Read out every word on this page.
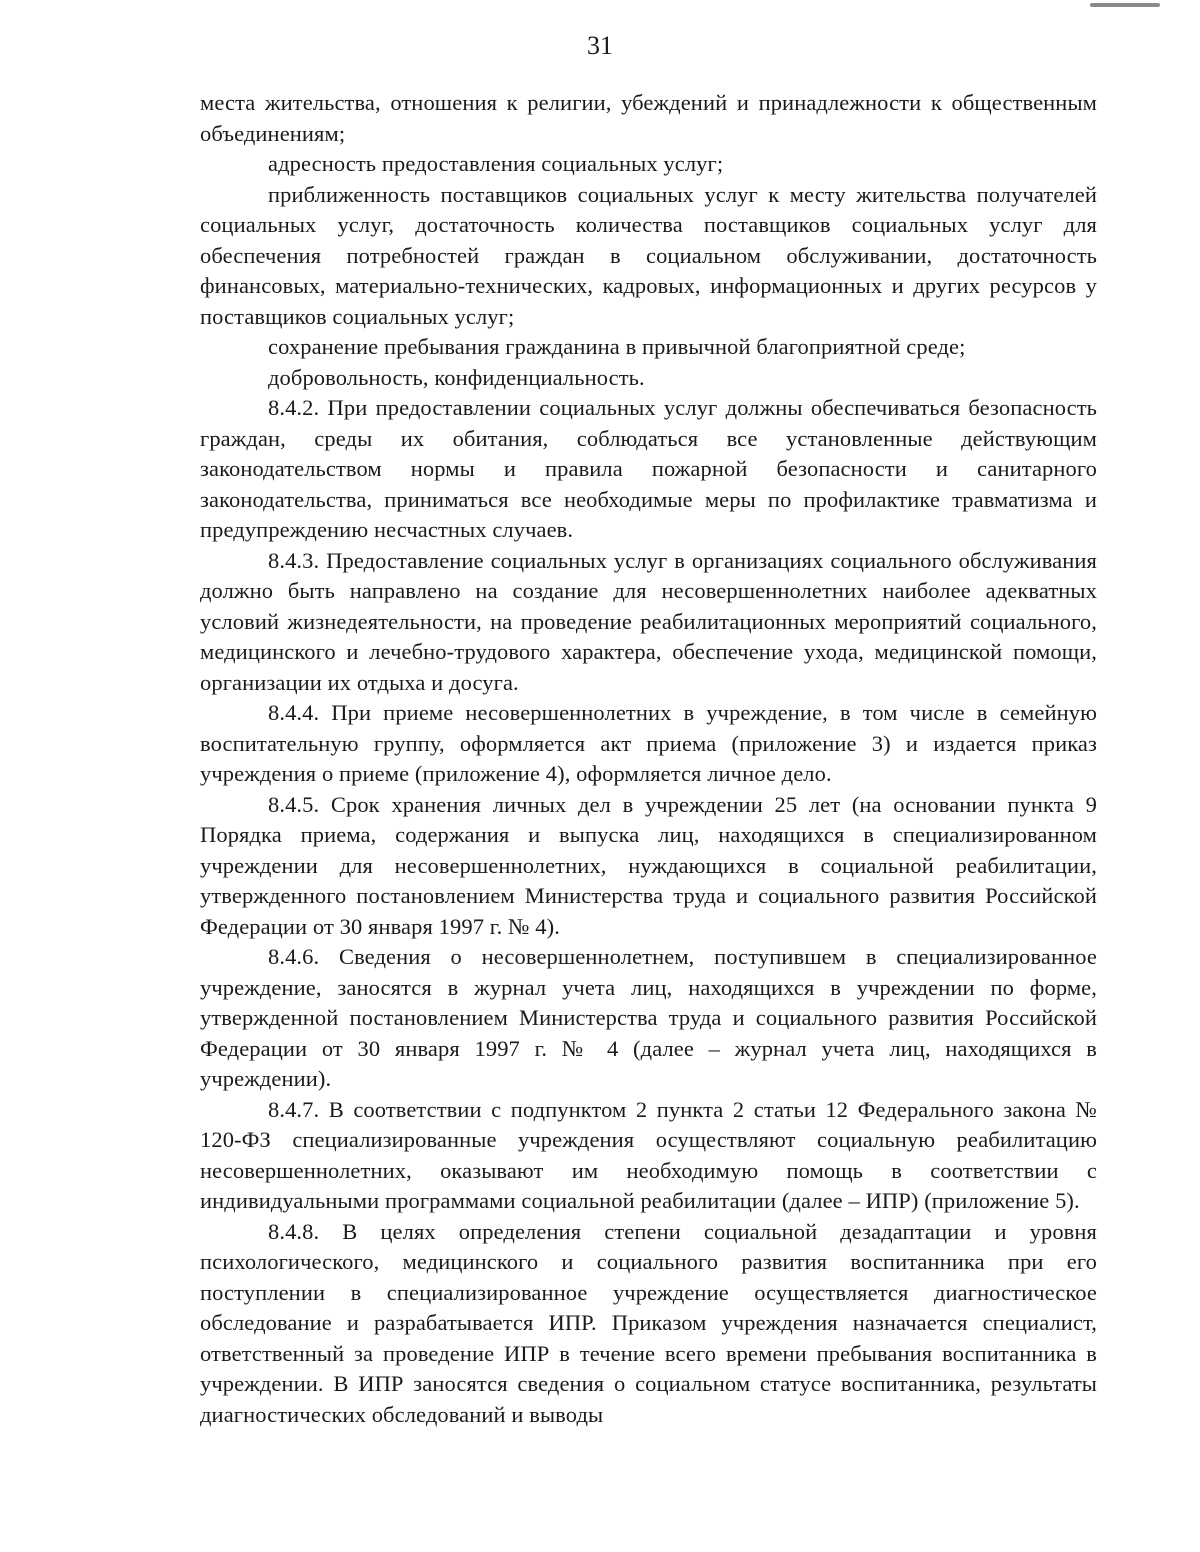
31

места жительства, отношения к религии, убеждений и принадлежности к общественным объединениям;

адресность предоставления социальных услуг;

приближенность поставщиков социальных услуг к месту жительства получателей социальных услуг, достаточность количества поставщиков социальных услуг для обеспечения потребностей граждан в социальном обслуживании, достаточность финансовых, материально-технических, кадровых, информационных и других ресурсов у поставщиков социальных услуг;

сохранение пребывания гражданина в привычной благоприятной среде;

добровольность, конфиденциальность.

8.4.2. При предоставлении социальных услуг должны обеспечиваться безопасность граждан, среды их обитания, соблюдаться все установленные действующим законодательством нормы и правила пожарной безопасности и санитарного законодательства, приниматься все необходимые меры по профилактике травматизма и предупреждению несчастных случаев.

8.4.3. Предоставление социальных услуг в организациях социального обслуживания должно быть направлено на создание для несовершеннолетних наиболее адекватных условий жизнедеятельности, на проведение реабилитационных мероприятий социального, медицинского и лечебно-трудового характера, обеспечение ухода, медицинской помощи, организации их отдыха и досуга.

8.4.4. При приеме несовершеннолетних в учреждение, в том числе в семейную воспитательную группу, оформляется акт приема (приложение 3) и издается приказ учреждения о приеме (приложение 4), оформляется личное дело.

8.4.5. Срок хранения личных дел в учреждении 25 лет (на основании пункта 9 Порядка приема, содержания и выпуска лиц, находящихся в специализированном учреждении для несовершеннолетних, нуждающихся в социальной реабилитации, утвержденного постановлением Министерства труда и социального развития Российской Федерации от 30 января 1997 г. № 4).

8.4.6. Сведения о несовершеннолетнем, поступившем в специализированное учреждение, заносятся в журнал учета лиц, находящихся в учреждении по форме, утвержденной постановлением Министерства труда и социального развития Российской Федерации от 30 января 1997 г. № 4 (далее – журнал учета лиц, находящихся в учреждении).

8.4.7. В соответствии с подпунктом 2 пункта 2 статьи 12 Федерального закона № 120-ФЗ специализированные учреждения осуществляют социальную реабилитацию несовершеннолетних, оказывают им необходимую помощь в соответствии с индивидуальными программами социальной реабилитации (далее – ИПР) (приложение 5).

8.4.8. В целях определения степени социальной дезадаптации и уровня психологического, медицинского и социального развития воспитанника при его поступлении в специализированное учреждение осуществляется диагностическое обследование и разрабатывается ИПР. Приказом учреждения назначается специалист, ответственный за проведение ИПР в течение всего времени пребывания воспитанника в учреждении. В ИПР заносятся сведения о социальном статусе воспитанника, результаты диагностических обследований и выводы
